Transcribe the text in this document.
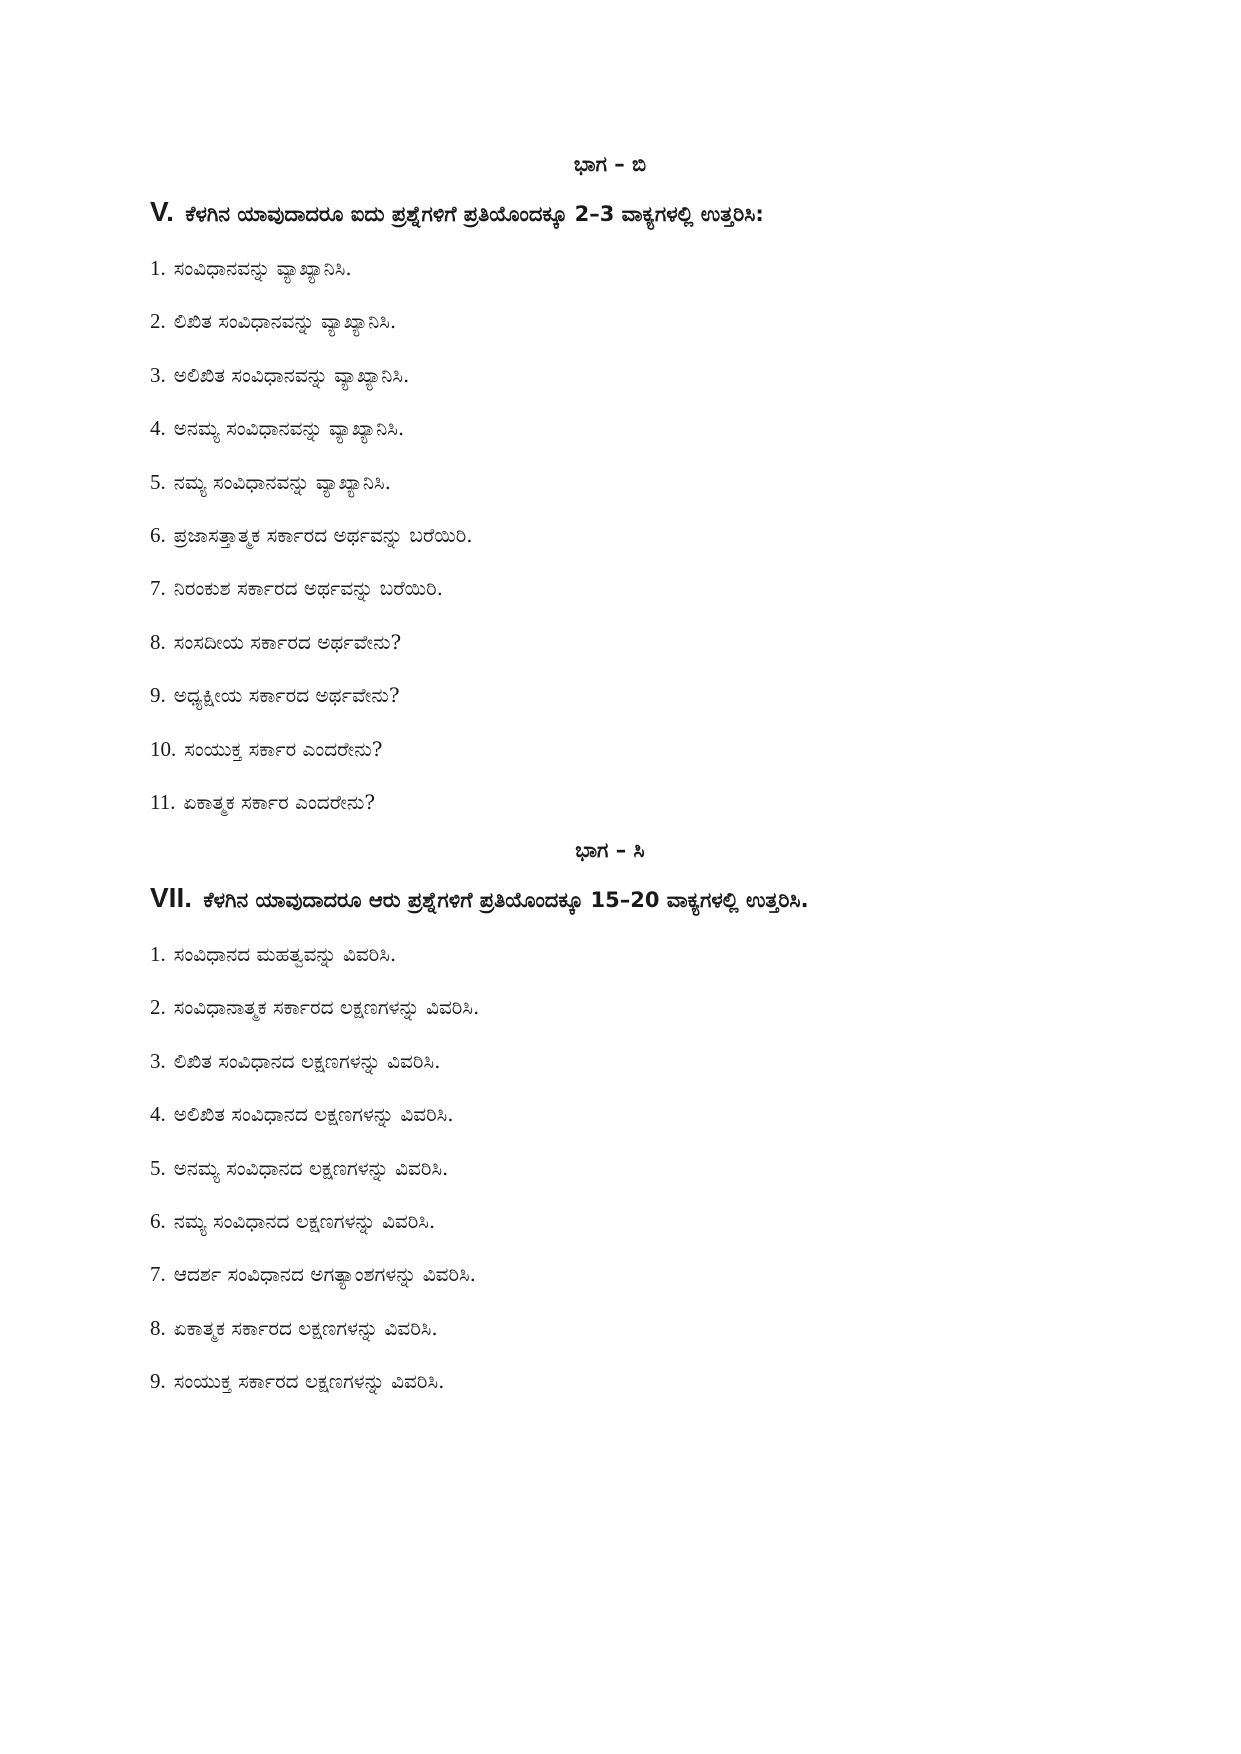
ಭಾಗ – ಬಿ
V. ಕೆಳಗಿನ ಯಾವುದಾದರೂ ಐದು ಪ್ರಶ್ನೆಗಳಿಗೆ ಪ್ರತಿಯೊಂದಕ್ಕೂ 2–3 ವಾಕ್ಯಗಳಲ್ಲಿ ಉತ್ತರಿಸಿ:
1. ಸಂವಿಧಾನವನ್ನು ವ್ಯಾಖ್ಯಾನಿಸಿ.
2. ಲಿಖಿತ ಸಂವಿಧಾನವನ್ನು ವ್ಯಾಖ್ಯಾನಿಸಿ.
3. ಅಲಿಖಿತ ಸಂವಿಧಾನವನ್ನು ವ್ಯಾಖ್ಯಾನಿಸಿ.
4. ಅನಮ್ಯ ಸಂವಿಧಾನವನ್ನು ವ್ಯಾಖ್ಯಾನಿಸಿ.
5. ನಮ್ಯ ಸಂವಿಧಾನವನ್ನು ವ್ಯಾಖ್ಯಾನಿಸಿ.
6. ಪ್ರಜಾಸತ್ತಾತ್ಮಕ ಸರ್ಕಾರದ ಅರ್ಥವನ್ನು ಬರೆಯಿರಿ.
7. ನಿರಂಕುಶ ಸರ್ಕಾರದ ಅರ್ಥವನ್ನು ಬರೆಯಿರಿ.
8. ಸಂಸದೀಯ ಸರ್ಕಾರದ ಅರ್ಥವೇನು?
9. ಅಧ್ಯಕ್ಷೀಯ ಸರ್ಕಾರದ ಅರ್ಥವೇನು?
10. ಸಂಯುಕ್ತ ಸರ್ಕಾರ ಎಂದರೇನು?
11. ಏಕಾತ್ಮಕ ಸರ್ಕಾರ ಎಂದರೇನು?
ಭಾಗ – ಸಿ
VII. ಕೆಳಗಿನ ಯಾವುದಾದರೂ ಆರು ಪ್ರಶ್ನೆಗಳಿಗೆ ಪ್ರತಿಯೊಂದಕ್ಕೂ 15–20 ವಾಕ್ಯಗಳಲ್ಲಿ ಉತ್ತರಿಸಿ.
1. ಸಂವಿಧಾನದ ಮಹತ್ವವನ್ನು ವಿವರಿಸಿ.
2. ಸಂವಿಧಾನಾತ್ಮಕ ಸರ್ಕಾರದ ಲಕ್ಷಣಗಳನ್ನು ವಿವರಿಸಿ.
3. ಲಿಖಿತ ಸಂವಿಧಾನದ ಲಕ್ಷಣಗಳನ್ನು ವಿವರಿಸಿ.
4. ಅಲಿಖಿತ ಸಂವಿಧಾನದ ಲಕ್ಷಣಗಳನ್ನು ವಿವರಿಸಿ.
5. ಅನಮ್ಯ ಸಂವಿಧಾನದ ಲಕ್ಷಣಗಳನ್ನು ವಿವರಿಸಿ.
6. ನಮ್ಯ ಸಂವಿಧಾನದ ಲಕ್ಷಣಗಳನ್ನು ವಿವರಿಸಿ.
7. ಆದರ್ಶ ಸಂವಿಧಾನದ ಅಗತ್ಯಾಂಶಗಳನ್ನು ವಿವರಿಸಿ.
8. ಏಕಾತ್ಮಕ ಸರ್ಕಾರದ ಲಕ್ಷಣಗಳನ್ನು ವಿವರಿಸಿ.
9. ಸಂಯುಕ್ತ ಸರ್ಕಾರದ ಲಕ್ಷಣಗಳನ್ನು ವಿವರಿಸಿ.
